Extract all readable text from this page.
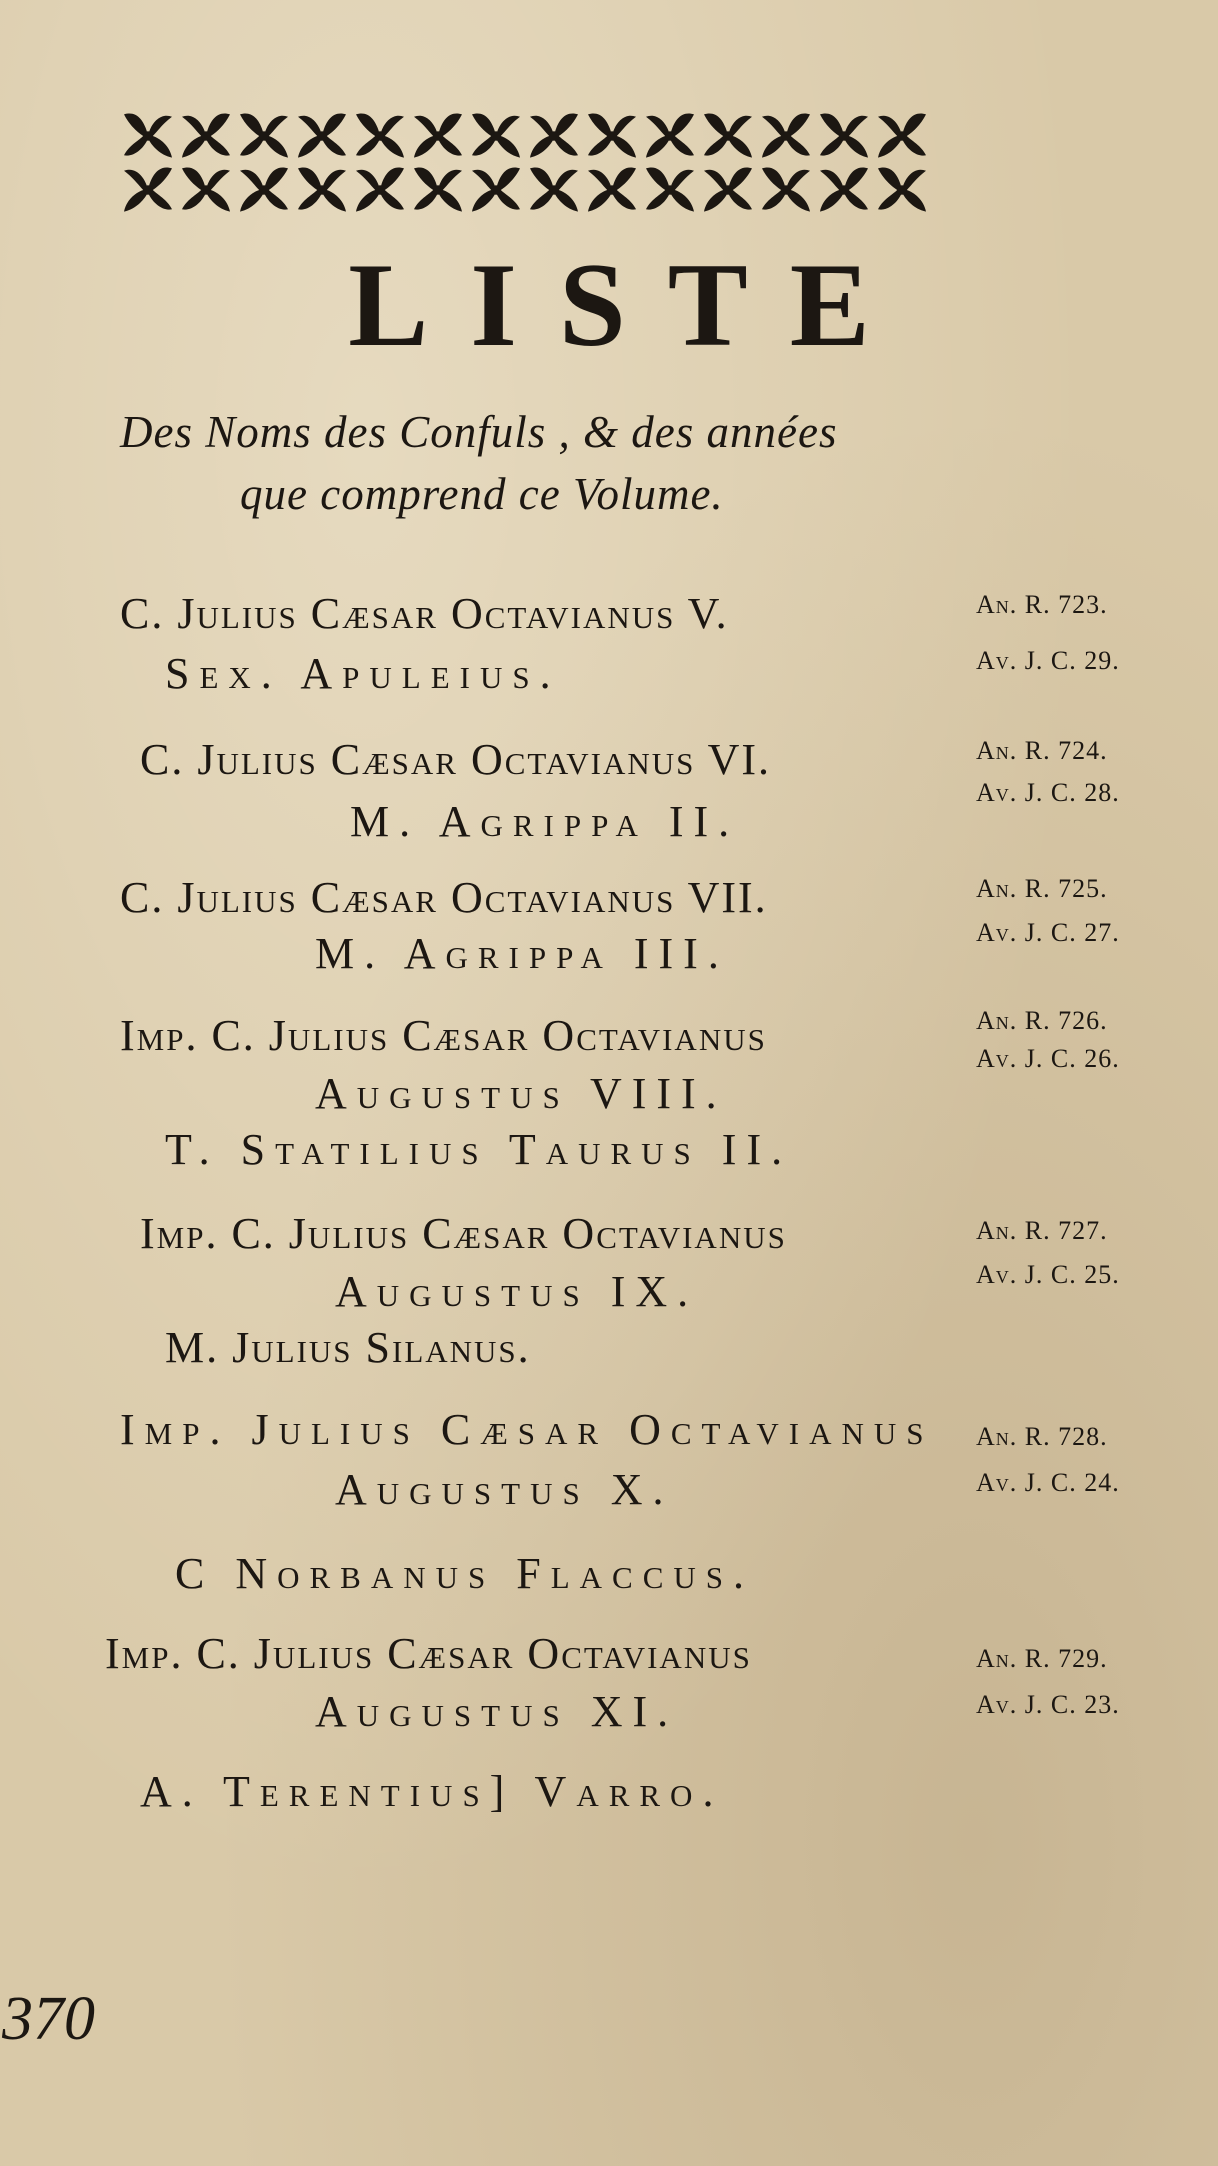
LISTE
Des Noms des Confuls , & des années
que comprend ce Volume.
C. Julius Cæsar Octavianus V.
Sex. Apuleius.
An. R. 723.
Av. J. C. 29.
C. Julius Cæsar Octavianus VI.
M. Agrippa II.
An. R. 724.
Av. J. C. 28.
C. Julius Cæsar Octavianus VII.
M. Agrippa III.
An. R. 725.
Av. J. C. 27.
Imp. C. Julius Cæsar Octavianus
Augustus VIII.
T. Statilius Taurus II.
An. R. 726.
Av. J. C. 26.
Imp. C. Julius Cæsar Octavianus
Augustus IX.
M. Julius Silanus.
An. R. 727.
Av. J. C. 25.
Imp. Julius Cæsar Octavianus
Augustus X.
C Norbanus Flaccus.
An. R. 728.
Av. J. C. 24.
Imp. C. Julius Cæsar Octavianus
Augustus XI.
A. Terentius] Varro.
An. R. 729.
Av. J. C. 23.
370
